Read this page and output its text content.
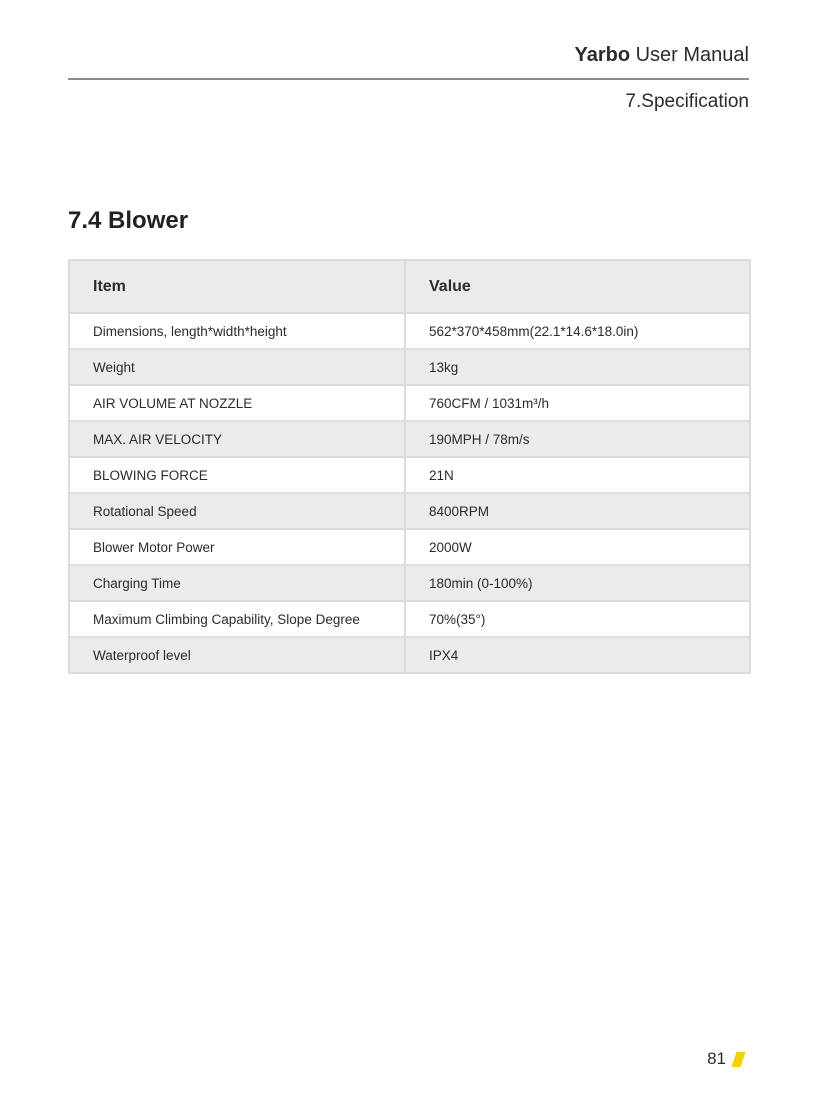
Yarbo User Manual
7.Specification
7.4 Blower
Item	Value
Dimensions, length*width*height	562*370*458mm(22.1*14.6*18.0in)
Weight	13kg
AIR VOLUME AT NOZZLE	760CFM / 1031m³/h
MAX. AIR VELOCITY	190MPH / 78m/s
BLOWING FORCE	21N
Rotational Speed	8400RPM
Blower Motor Power	2000W
Charging Time	180min (0-100%)
Maximum Climbing Capability, Slope Degree	70%(35°)
Waterproof level	IPX4
81
